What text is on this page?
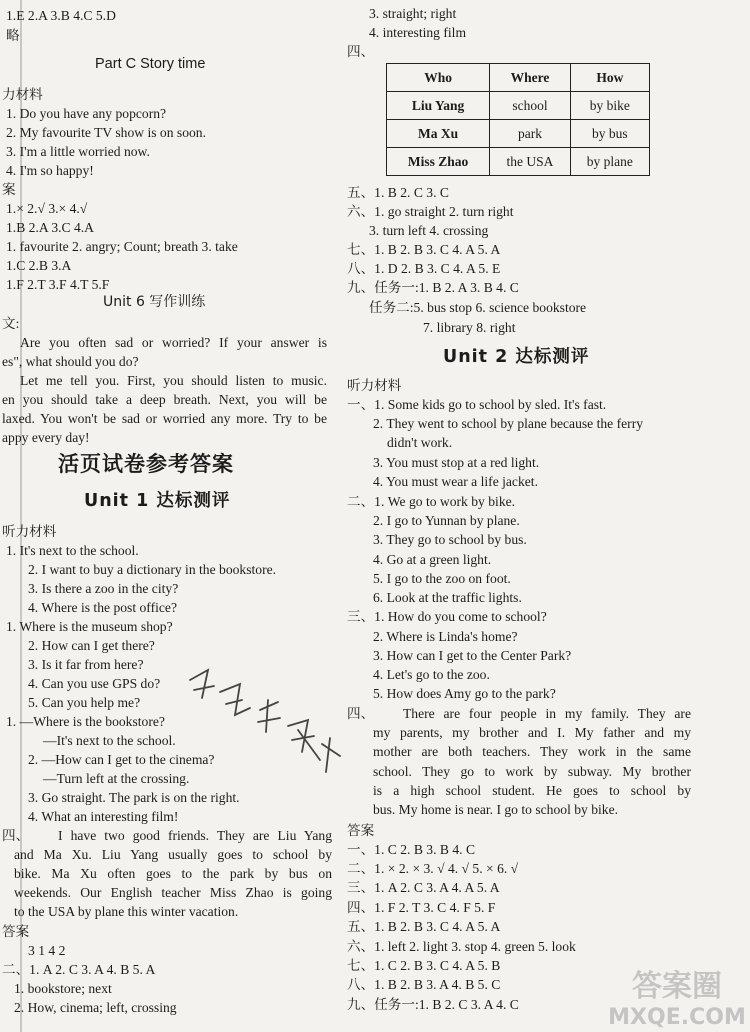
1.E 2.A 3.B 4.C 5.D
略
Part C Story time
力材料
1. Do you have any popcorn?
2. My favourite TV show is on soon.
3. I'm a little worried now.
4. I'm so happy!
案
1.× 2.√ 3.× 4.√
1.B 2.A 3.C 4.A
1. favourite 2. angry; Count; breath 3. take
1.C 2.B 3.A
1.F 2.T 3.F 4.T 5.F
Unit 6 写作训练
文:
Are you often sad or worried? If your answer is
es", what should you do?
Let me tell you. First, you should listen to music.
en you should take a deep breath. Next, you will be
laxed. You won't be sad or worried any more. Try to be
appy every day!
活页试卷参考答案
Unit 1 达标测评
听力材料
1. It's next to the school.
2. I want to buy a dictionary in the bookstore.
3. Is there a zoo in the city?
4. Where is the post office?
1. Where is the museum shop?
2. How can I get there?
3. Is it far from here?
4. Can you use GPS do?
5. Can you help me?
1. —Where is the bookstore?
—It's next to the school.
2. —How can I get to the cinema?
—Turn left at the crossing.
3. Go straight. The park is on the right.
4. What an interesting film!
四、 I have two good friends. They are Liu Yang
and Ma Xu. Liu Yang usually goes to school by
bike. Ma Xu often goes to the park by bus on
weekends. Our English teacher Miss Zhao is going
to the USA by plane this winter vacation.
答案
3 1 4 2
二、1. A 2. C 3. A 4. B 5. A
1. bookstore; next
2. How, cinema; left, crossing
3. straight; right
4. interesting film
四、
Who	Where	How
Liu Yang	school	by bike
Ma Xu	park	by bus
Miss Zhao	the USA	by plane
五、1. B 2. C 3. C
六、1. go straight 2. turn right
3. turn left 4. crossing
七、1. B 2. B 3. C 4. A 5. A
八、1. D 2. B 3. C 4. A 5. E
九、任务一:1. B 2. A 3. B 4. C
任务二:5. bus stop 6. science bookstore
7. library 8. right
Unit 2 达标测评
听力材料
一、1. Some kids go to school by sled. It's fast.
2. They went to school by plane because the ferry
didn't work.
3. You must stop at a red light.
4. You must wear a life jacket.
二、1. We go to work by bike.
2. I go to Yunnan by plane.
3. They go to school by bus.
4. Go at a green light.
5. I go to the zoo on foot.
6. Look at the traffic lights.
三、1. How do you come to school?
2. Where is Linda's home?
3. How can I get to the Center Park?
4. Let's go to the zoo.
5. How does Amy go to the park?
四、 There are four people in my family. They are
my parents, my brother and I. My father and my
mother are both teachers. They work in the same
school. They go to work by subway. My brother
is a high school student. He goes to school by
bus. My home is near. I go to school by bike.
答案
一、1. C 2. B 3. B 4. C
二、1. × 2. × 3. √ 4. √ 5. × 6. √
三、1. A 2. C 3. A 4. A 5. A
四、1. F 2. T 3. C 4. F 5. F
五、1. B 2. B 3. C 4. A 5. A
六、1. left 2. light 3. stop 4. green 5. look
七、1. C 2. B 3. C 4. A 5. B
八、1. B 2. B 3. A 4. B 5. C
九、任务一:1. B 2. C 3. A 4. C
答案圈
MXQE.COM
